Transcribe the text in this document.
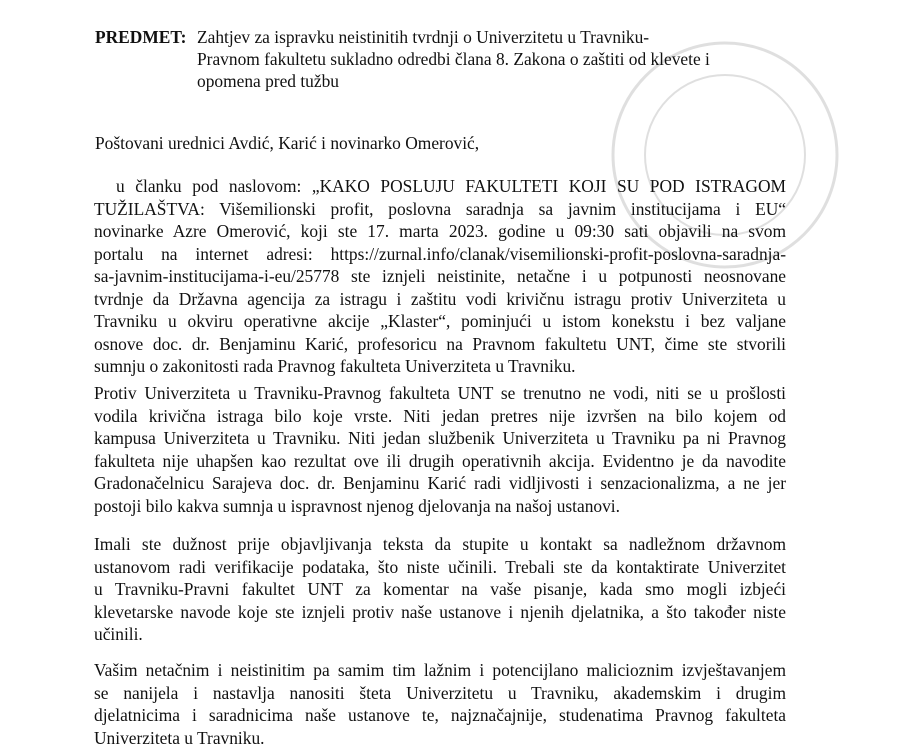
PREDMET: Zahtjev za ispravku neistinitih tvrdnji o Univerzitetu u Travniku-
Pravnom fakultetu sukladno odredbi člana 8. Zakona o zaštiti od klevete i
opomena pred tužbu
Poštovani urednici Avdić, Karić i novinarko Omerović,
u članku pod naslovom: „KAKO POSLUJU FAKULTETI KOJI SU POD ISTRAGOM
TUŽILAŠTVA: Višemilionski profit, poslovna saradnja sa javnim institucijama i EU“
novinarke Azre Omerović, koji ste 17. marta 2023. godine u 09:30 sati objavili na svom
portalu na internet adresi: https://zurnal.info/clanak/visemilionski-profit-poslovna-saradnja-
sa-javnim-institucijama-i-eu/25778 ste iznjeli neistinite, netačne i u potpunosti neosnovane
tvrdnje da Državna agencija za istragu i zaštitu vodi krivičnu istragu protiv Univerziteta u
Travniku u okviru operativne akcije „Klaster“, pominjući u istom konekstu i bez valjane
osnove doc. dr. Benjaminu Karić, profesoricu na Pravnom fakultetu UNT, čime ste stvorili
sumnju o zakonitosti rada Pravnog fakulteta Univerziteta u Travniku.
Protiv Univerziteta u Travniku-Pravnog fakulteta UNT se trenutno ne vodi, niti se u prošlosti
vodila krivična istraga bilo koje vrste. Niti jedan pretres nije izvršen na bilo kojem od
kampusa Univerziteta u Travniku. Niti jedan službenik Univerziteta u Travniku pa ni Pravnog
fakulteta nije uhapšen kao rezultat ove ili drugih operativnih akcija. Evidentno je da navodite
Gradonačelnicu Sarajeva doc. dr. Benjaminu Karić radi vidljivosti i senzacionalizma, a ne jer
postoji bilo kakva sumnja u ispravnost njenog djelovanja na našoj ustanovi.
Imali ste dužnost prije objavljivanja teksta da stupite u kontakt sa nadležnom državnom
ustanovom radi verifikacije podataka, što niste učinili. Trebali ste da kontaktirate Univerzitet
u Travniku-Pravni fakultet UNT za komentar na vaše pisanje, kada smo mogli izbjeći
klevetarske navode koje ste iznjeli protiv naše ustanove i njenih djelatnika, a što također niste
učinili.
Vašim netačnim i neistinitim pa samim tim lažnim i potencijlano malicioznim izvještavanjem
se nanijela i nastavlja nanositi šteta Univerzitetu u Travniku, akademskim i drugim
djelatnicima i saradnicima naše ustanove te, najznačajnije, studenatima Pravnog fakulteta
Univerziteta u Travniku.
